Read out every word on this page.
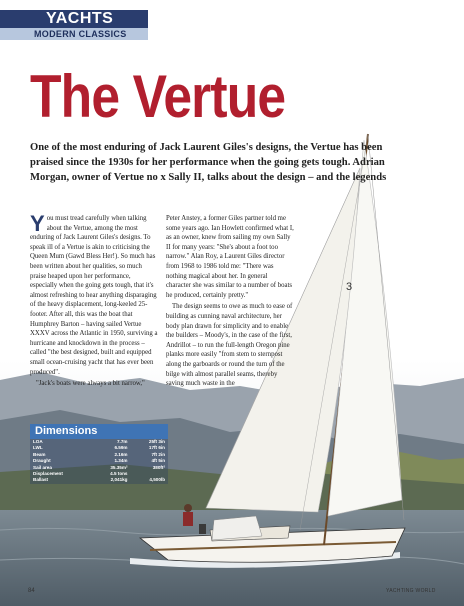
3
YACHTS
MODERN CLASSICS
The Vertue
One of the most enduring of Jack Laurent Giles's designs, the Vertue has been praised since the 1930s for her performance when the going gets tough. Adrian Morgan, owner of Vertue no x Sally II, talks about the design – and the legends

You must tread carefully when talking about the Vertue, among the most enduring of Jack Laurent Giles's designs. To speak ill of a Vertue is akin to criticising the Queen Mum (Gawd Bless Her!). So much has been written about her qualities, so much praise heaped upon her performance, especially when the going gets tough, that it's almost refreshing to hear anything disparaging of the heavy displacement, long-keeled 25-footer. After all, this was the boat that Humphrey Barton – having sailed Vertue XXXV across the Atlantic in 1950, surviving a hurricane and knockdown in the process – called "the best designed, built and equipped small ocean-cruising yacht that has ever been produced".

"Jack's boats were always a bit narrow,"

Peter Anstey, a former Giles partner told me some years ago. Ian Howlett confirmed what I, as an owner, knew from sailing my own Sally II for many years: "She's about a foot too narrow." Alan Roy, a Laurent Giles director from 1968 to 1986 told me: "There was nothing magical about her. In general character she was similar to a number of boats he produced, certainly pretty."

The design seems to owe as much to ease of building as cunning naval architecture, her body plan drawn for simplicity and to enable the builders – Moody's, in the case of the first, Andrillot – to run the full-length Oregon pine planks more easily "from stem to sternpost along the garboards or round the turn of the bilge with almost parallel seams, thereby saving much waste in the

Dimensions
LOA	7.7m	25ft 3in
LWL	6.59m	17ft 6in
Beam	2.16m	7ft 2in
Draught	1.34m	4ft 5in
Sail area	35.35m²	380ft²
Displacement	4.5 tons	
Ballast	2,041kg	4,500lb
84	YACHTING WORLD
